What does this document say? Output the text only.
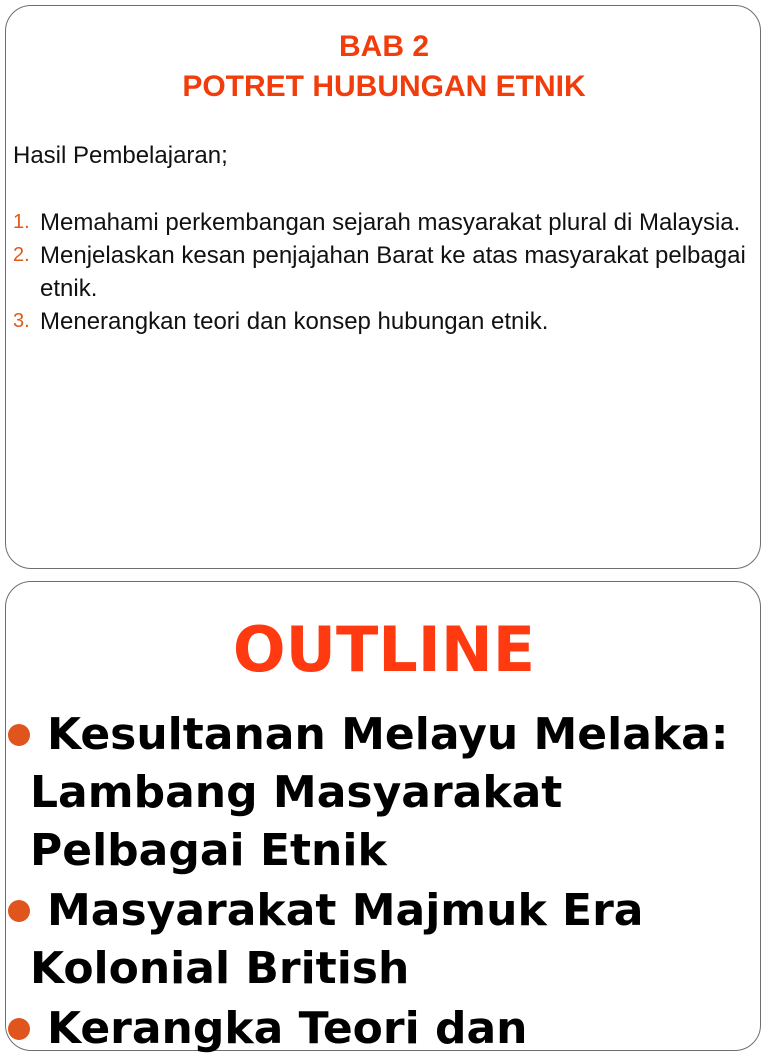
BAB 2
POTRET HUBUNGAN ETNIK
Hasil Pembelajaran;
1. Memahami perkembangan sejarah masyarakat plural di Malaysia.
2. Menjelaskan kesan penjajahan Barat ke atas masyarakat pelbagai etnik.
3. Menerangkan teori dan konsep hubungan etnik.
OUTLINE
Kesultanan Melayu Melaka: Lambang Masyarakat Pelbagai Etnik
Masyarakat Majmuk Era Kolonial British
Kerangka Teori dan
